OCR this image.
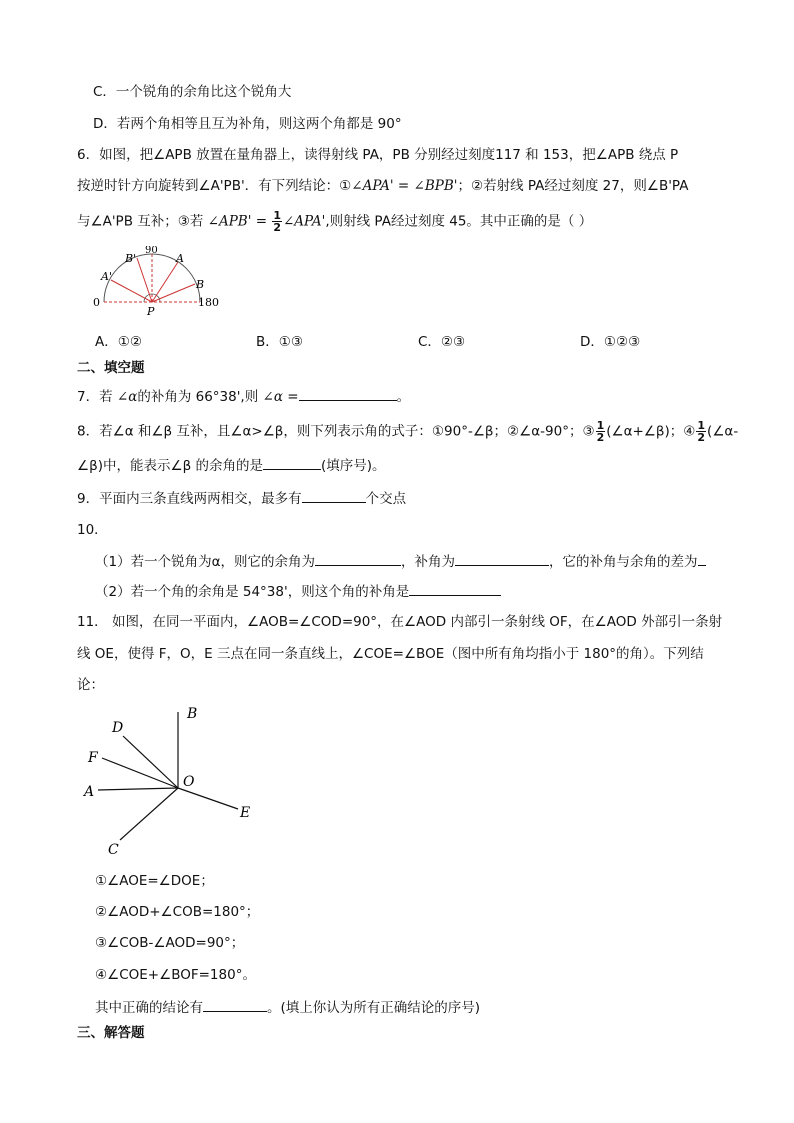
C．一个锐角的余角比这个锐角大
D．若两个角相等且互为补角，则这两个角都是 90°
6．如图，把∠APB 放置在量角器上，读得射线 PA，PB 分别经过刻度117 和 153，把∠APB 绕点 P
按逆时针方向旋转到∠A'PB'．有下列结论：①∠APA' = ∠BPB'；②若射线 PA经过刻度 27，则∠B'PA
与∠A'PB 互补；③若 ∠APB' = $\frac{1}{2}$ ∠APA',则射线 PA经过刻度 45。其中正确的是（ ）
0
90
180
A'
B'	A
B
P
A．①②	B．①③	C．②③	D．①②③
二、填空题
7．若 ∠α的补角为 66°38',则 ∠α =	。
8．若∠α 和∠β 互补，且∠α>∠β，则下列表示角的式子：①90°-∠β；②∠α-90°；③ $\frac{1}{2}$ (∠α+∠β)；④ $\frac{1}{2}$ (∠α-
∠β)中，能表示∠β 的余角的是	(填序号)。
9．平面内三条直线两两相交，最多有	个交点
10．
（1）若一个锐角为α，则它的余角为	，补角为	，它的补角与余角的差为
（2）若一个角的余角是 54°38'，则这个角的补角是
11． 如图，在同一平面内，∠AOB=∠COD=90°，在∠AOD 内部引一条射线 OF，在∠AOD 外部引一条射
线 OE，使得 F，O，E 三点在同一条直线上，∠COE=∠BOE（图中所有角均指小于 180°的角）。下列结
论：
B
D
F
A
O
E
C
①∠AOE=∠DOE；
②∠AOD+∠COB=180°；
③∠COB-∠AOD=90°；
④∠COE+∠BOF=180°。
其中正确的结论有	。(填上你认为所有正确结论的序号)
三、解答题
